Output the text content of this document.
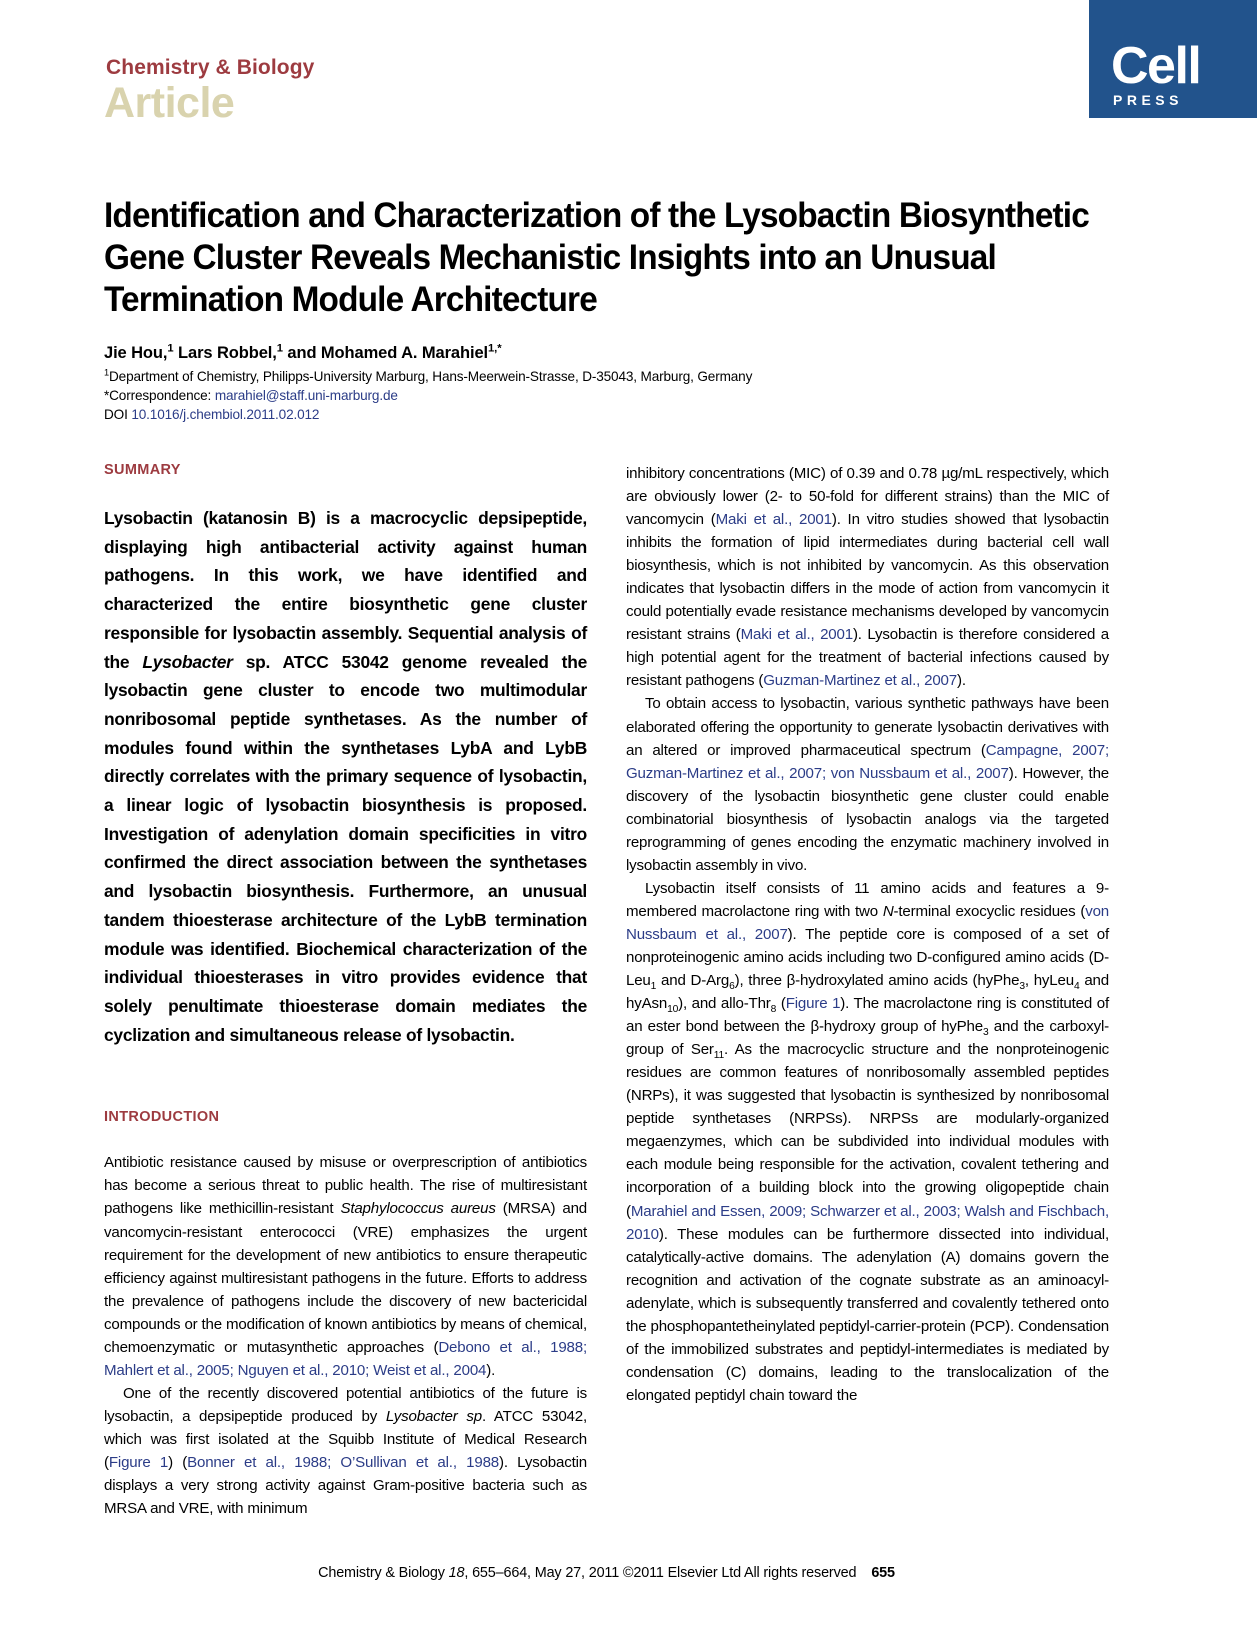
Chemistry & Biology
Article
Cell
PRESS
Identification and Characterization of the Lysobactin Biosynthetic Gene Cluster Reveals Mechanistic Insights into an Unusual Termination Module Architecture
Jie Hou,$^1$ Lars Robbel,$^1$ and Mohamed A. Marahiel$^{1,*}$
$^1$Department of Chemistry, Philipps-University Marburg, Hans-Meerwein-Strasse, D-35043, Marburg, Germany
*Correspondence: marahiel@staff.uni-marburg.de
DOI 10.1016/j.chembiol.2011.02.012
SUMMARY

Lysobactin (katanosin B) is a macrocyclic depsipeptide, displaying high antibacterial activity against human pathogens. In this work, we have identified and characterized the entire biosynthetic gene cluster responsible for lysobactin assembly. Sequential analysis of the Lysobacter sp. ATCC 53042 genome revealed the lysobactin gene cluster to encode two multimodular nonribosomal peptide synthetases. As the number of modules found within the synthetases LybA and LybB directly correlates with the primary sequence of lysobactin, a linear logic of lysobactin biosynthesis is proposed. Investigation of adenylation domain specificities in vitro confirmed the direct association between the synthetases and lysobactin biosynthesis. Furthermore, an unusual tandem thioesterase architecture of the LybB termination module was identified. Biochemical characterization of the individual thioesterases in vitro provides evidence that solely penultimate thioesterase domain mediates the cyclization and simultaneous release of lysobactin.

INTRODUCTION

Antibiotic resistance caused by misuse or overprescription of antibiotics has become a serious threat to public health. The rise of multiresistant pathogens like methicillin-resistant Staphylococcus aureus (MRSA) and vancomycin-resistant enterococci (VRE) emphasizes the urgent requirement for the development of new antibiotics to ensure therapeutic efficiency against multiresistant pathogens in the future. Efforts to address the prevalence of pathogens include the discovery of new bactericidal compounds or the modification of known antibiotics by means of chemical, chemoenzymatic or mutasynthetic approaches (Debono et al., 1988; Mahlert et al., 2005; Nguyen et al., 2010; Weist et al., 2004).

One of the recently discovered potential antibiotics of the future is lysobactin, a depsipeptide produced by Lysobacter sp. ATCC 53042, which was first isolated at the Squibb Institute of Medical Research (Figure 1) (Bonner et al., 1988; O’Sullivan et al., 1988). Lysobactin displays a very strong activity against Gram-positive bacteria such as MRSA and VRE, with minimum

inhibitory concentrations (MIC) of 0.39 and 0.78 µg/mL respectively, which are obviously lower (2- to 50-fold for different strains) than the MIC of vancomycin (Maki et al., 2001). In vitro studies showed that lysobactin inhibits the formation of lipid intermediates during bacterial cell wall biosynthesis, which is not inhibited by vancomycin. As this observation indicates that lysobactin differs in the mode of action from vancomycin it could potentially evade resistance mechanisms developed by vancomycin resistant strains (Maki et al., 2001). Lysobactin is therefore considered a high potential agent for the treatment of bacterial infections caused by resistant pathogens (Guzman-Martinez et al., 2007).

To obtain access to lysobactin, various synthetic pathways have been elaborated offering the opportunity to generate lysobactin derivatives with an altered or improved pharmaceutical spectrum (Campagne, 2007; Guzman-Martinez et al., 2007; von Nussbaum et al., 2007). However, the discovery of the lysobactin biosynthetic gene cluster could enable combinatorial biosynthesis of lysobactin analogs via the targeted reprogramming of genes encoding the enzymatic machinery involved in lysobactin assembly in vivo.

Lysobactin itself consists of 11 amino acids and features a 9-membered macrolactone ring with two N-terminal exocyclic residues (von Nussbaum et al., 2007). The peptide core is composed of a set of nonproteinogenic amino acids including two D-configured amino acids (D-Leu$_1$ and D-Arg$_6$), three β-hydroxylated amino acids (hyPhe$_3$, hyLeu$_4$ and hyAsn$_{10}$), and allo-Thr$_8$ (Figure 1). The macrolactone ring is constituted of an ester bond between the β-hydroxy group of hyPhe$_3$ and the carboxyl-group of Ser$_{11}$. As the macrocyclic structure and the nonproteinogenic residues are common features of nonribosomally assembled peptides (NRPs), it was suggested that lysobactin is synthesized by nonribosomal peptide synthetases (NRPSs). NRPSs are modularly-organized megaenzymes, which can be subdivided into individual modules with each module being responsible for the activation, covalent tethering and incorporation of a building block into the growing oligopeptide chain (Marahiel and Essen, 2009; Schwarzer et al., 2003; Walsh and Fischbach, 2010). These modules can be furthermore dissected into individual, catalytically-active domains. The adenylation (A) domains govern the recognition and activation of the cognate substrate as an aminoacyl-adenylate, which is subsequently transferred and covalently tethered onto the phosphopantetheinylated peptidyl-carrier-protein (PCP). Condensation of the immobilized substrates and peptidyl-intermediates is mediated by condensation (C) domains, leading to the translocalization of the elongated peptidyl chain toward the

Chemistry & Biology 18, 655–664, May 27, 2011 ©2011 Elsevier Ltd All rights reserved 655
